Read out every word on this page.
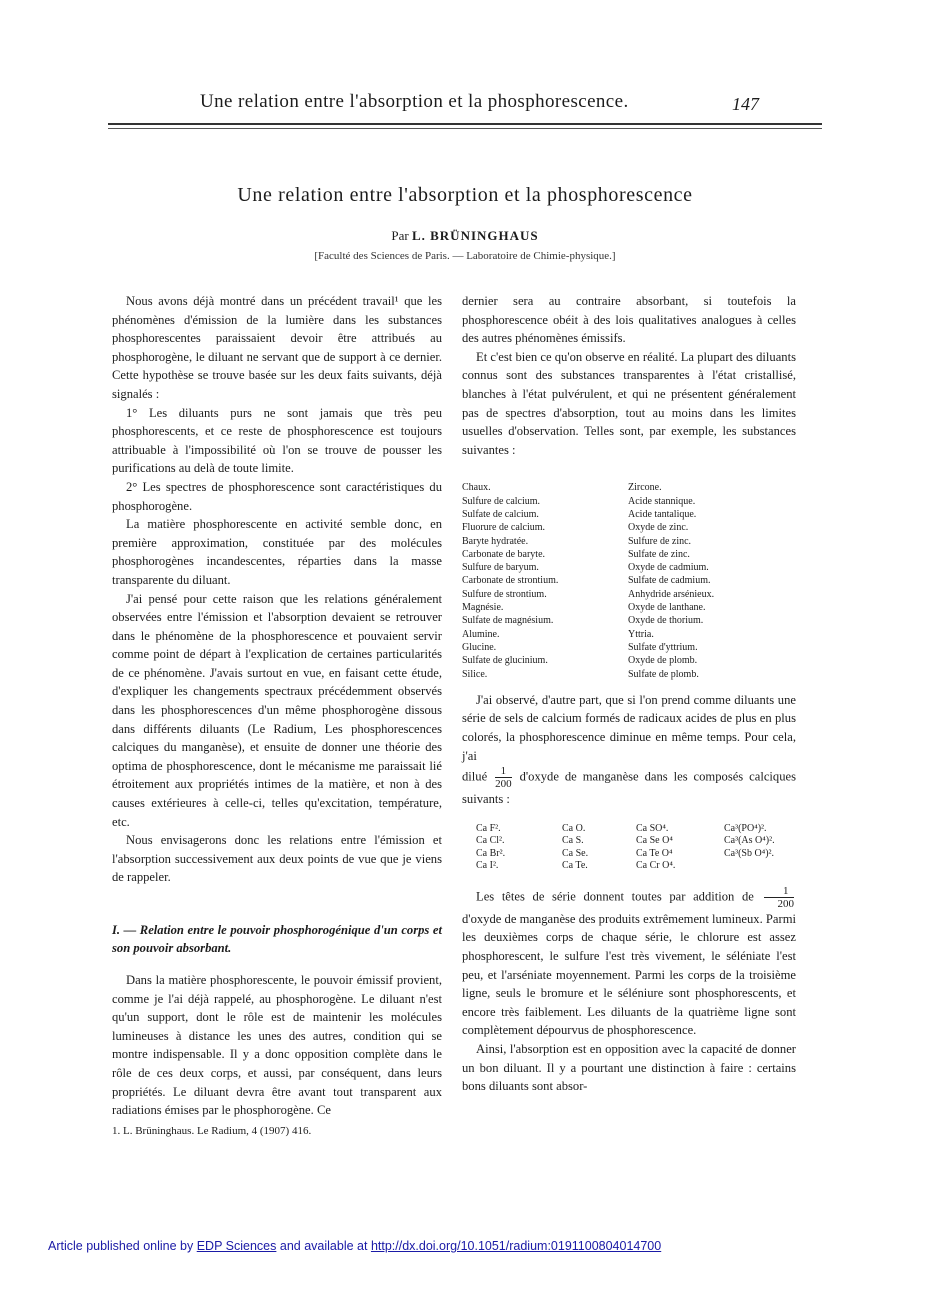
Une relation entre l'absorption et la phosphorescence.	147
Une relation entre l'absorption et la phosphorescence
Par L. BRÜNINGHAUS
[Faculté des Sciences de Paris. — Laboratoire de Chimie-physique.]

Nous avons déjà montré dans un précédent travail¹ que les phénomènes d'émission de la lumière dans les substances phosphorescentes paraissaient devoir être attribués au phosphorogène, le diluant ne servant que de support à ce dernier. Cette hypothèse se trouve basée sur les deux faits suivants, déjà signalés :

1° Les diluants purs ne sont jamais que très peu phosphorescents, et ce reste de phosphorescence est toujours attribuable à l'impossibilité où l'on se trouve de pousser les purifications au delà de toute limite.

2° Les spectres de phosphorescence sont caractéristiques du phosphorogène.

La matière phosphorescente en activité semble donc, en première approximation, constituée par des molécules phosphorogènes incandescentes, réparties dans la masse transparente du diluant.

J'ai pensé pour cette raison que les relations généralement observées entre l'émission et l'absorption devaient se retrouver dans le phénomène de la phosphorescence et pouvaient servir comme point de départ à l'explication de certaines particularités de ce phénomène. J'avais surtout en vue, en faisant cette étude, d'expliquer les changements spectraux précédemment observés dans les phosphorescences d'un même phosphorogène dissous dans différents diluants (Le Radium, Les phosphorescences calciques du manganèse), et ensuite de donner une théorie des optima de phosphorescence, dont le mécanisme me paraissait lié étroitement aux propriétés intimes de la matière, et non à des causes extérieures à celle-ci, telles qu'excitation, température, etc.

Nous envisagerons donc les relations entre l'émission et l'absorption successivement aux deux points de vue que je viens de rappeler.

I. — Relation entre le pouvoir phosphorogénique d'un corps et son pouvoir absorbant.

Dans la matière phosphorescente, le pouvoir émissif provient, comme je l'ai déjà rappelé, au phosphorogène. Le diluant n'est qu'un support, dont le rôle est de maintenir les molécules lumineuses à distance les unes des autres, condition qui se montre indispensable. Il y a donc opposition complète dans le rôle de ces deux corps, et aussi, par conséquent, dans leurs propriétés. Le diluant devra être avant tout transparent aux radiations émises par le phosphorogène. Ce

1. L. Brüninghaus. Le Radium, 4 (1907) 416.

dernier sera au contraire absorbant, si toutefois la phosphorescence obéit à des lois qualitatives analogues à celles des autres phénomènes émissifs.

Et c'est bien ce qu'on observe en réalité. La plupart des diluants connus sont des substances transparentes à l'état cristallisé, blanches à l'état pulvérulent, et qui ne présentent généralement pas de spectres d'absorption, tout au moins dans les limites usuelles d'observation. Telles sont, par exemple, les substances suivantes :

Chaux.
Sulfure de calcium.
Sulfate de calcium.
Fluorure de calcium.
Baryte hydratée.
Carbonate de baryte.
Sulfure de baryum.
Carbonate de strontium.
Sulfure de strontium.
Magnésie.
Sulfate de magnésium.
Alumine.
Glucine.
Sulfate de glucinium.
Silice.
Zircone.
Acide stannique.
Acide tantalique.
Oxyde de zinc.
Sulfure de zinc.
Sulfate de zinc.
Oxyde de cadmium.
Sulfate de cadmium.
Anhydride arsénieux.
Oxyde de lanthane.
Oxyde de thorium.
Yttria.
Sulfate d'yttrium.
Oxyde de plomb.
Sulfate de plomb.

J'ai observé, d'autre part, que si l'on prend comme diluants une série de sels de calcium formés de radicaux acides de plus en plus colorés, la phosphorescence diminue en même temps. Pour cela, j'ai

dilué $\frac{1}{200}$ d'oxyde de manganèse dans les composés calciques suivants :

Ca F².	Ca O.	Ca SO⁴.	Ca³(PO⁴)².
Ca Cl².	Ca S.	Ca Se O⁴	Ca³(As O⁴)².
Ca Br².	Ca Se.	Ca Te O⁴	Ca³(Sb O⁴)².
Ca I².	Ca Te.	Ca Cr O⁴.

Les têtes de série donnent toutes par addition de $\frac{1}{200}$
d'oxyde de manganèse des produits extrêmement lumineux. Parmi les deuxièmes corps de chaque série, le chlorure est assez phosphorescent, le sulfure l'est très vivement, le séléniate l'est peu, et l'arséniate moyennement. Parmi les corps de la troisième ligne, seuls le bromure et le séléniure sont phosphorescents, et encore très faiblement. Les diluants de la quatrième ligne sont complètement dépourvus de phosphorescence.

Ainsi, l'absorption est en opposition avec la capacité de donner un bon diluant. Il y a pourtant une distinction à faire : certains bons diluants sont absor-

Article published online by EDP Sciences and available at http://dx.doi.org/10.1051/radium:0191100804014700
